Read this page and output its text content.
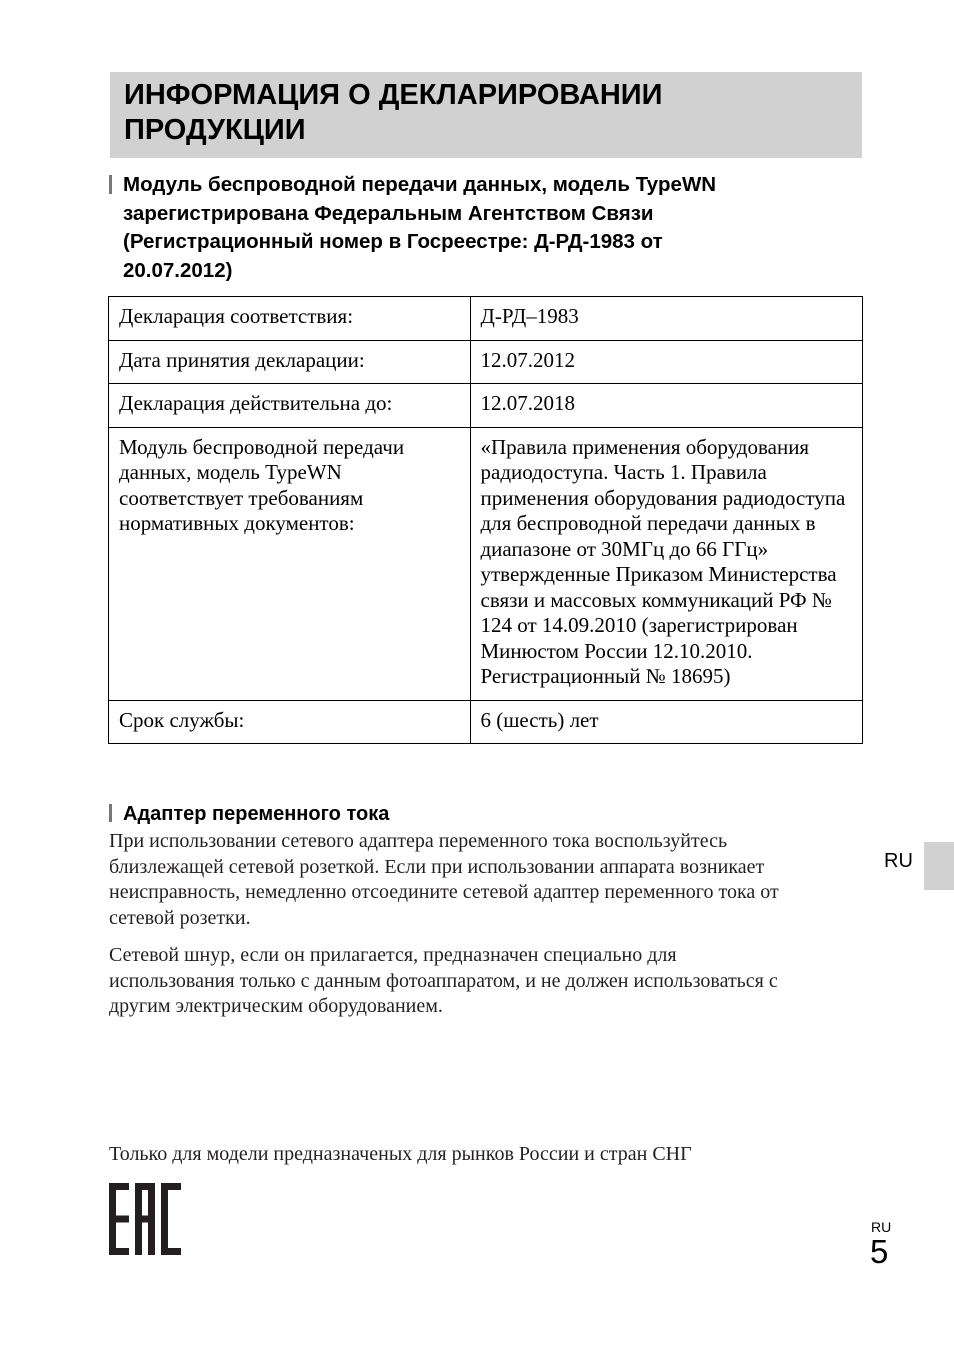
ИНФОРМАЦИЯ О ДЕКЛАРИРОВАНИИ
ПРОДУКЦИИ
Модуль беспроводной передачи данных, модель TypeWN
зарегистрирована Федеральным Агентством Связи
(Регистрационный номер в Госреестре: Д-РД-1983 от
20.07.2012)
Декларация соответствия:	Д-РД–1983
Дата принятия декларации:	12.07.2012
Декларация действительна до:	12.07.2018
Модуль беспроводной передачи данных, модель TypeWN соответствует требованиям нормативных документов:	«Правила применения оборудования радиодоступа. Часть 1. Правила применения оборудования радиодоступа для беспроводной передачи данных в диапазоне от 30МГц до 66 ГГц» утвержденные Приказом Министерства связи и массовых коммуникаций РФ № 124 от 14.09.2010 (зарегистрирован Минюстом России 12.10.2010. Регистрационный № 18695)
Срок службы:	6 (шесть) лет
Адаптер переменного тока

При использовании сетевого адаптера переменного тока воспользуйтесь
близлежащей сетевой розеткой. Если при использовании аппарата возникает
неисправность, немедленно отсоедините сетевой адаптер переменного тока от
сетевой розетки.

Сетевой шнур, если он прилагается, предназначен специально для
использования только с данным фотоаппаратом, и не должен использоваться с
другим электрическим оборудованием.

Только для модели предназначеных для рынков России и стран СНГ

RU
RU
5
